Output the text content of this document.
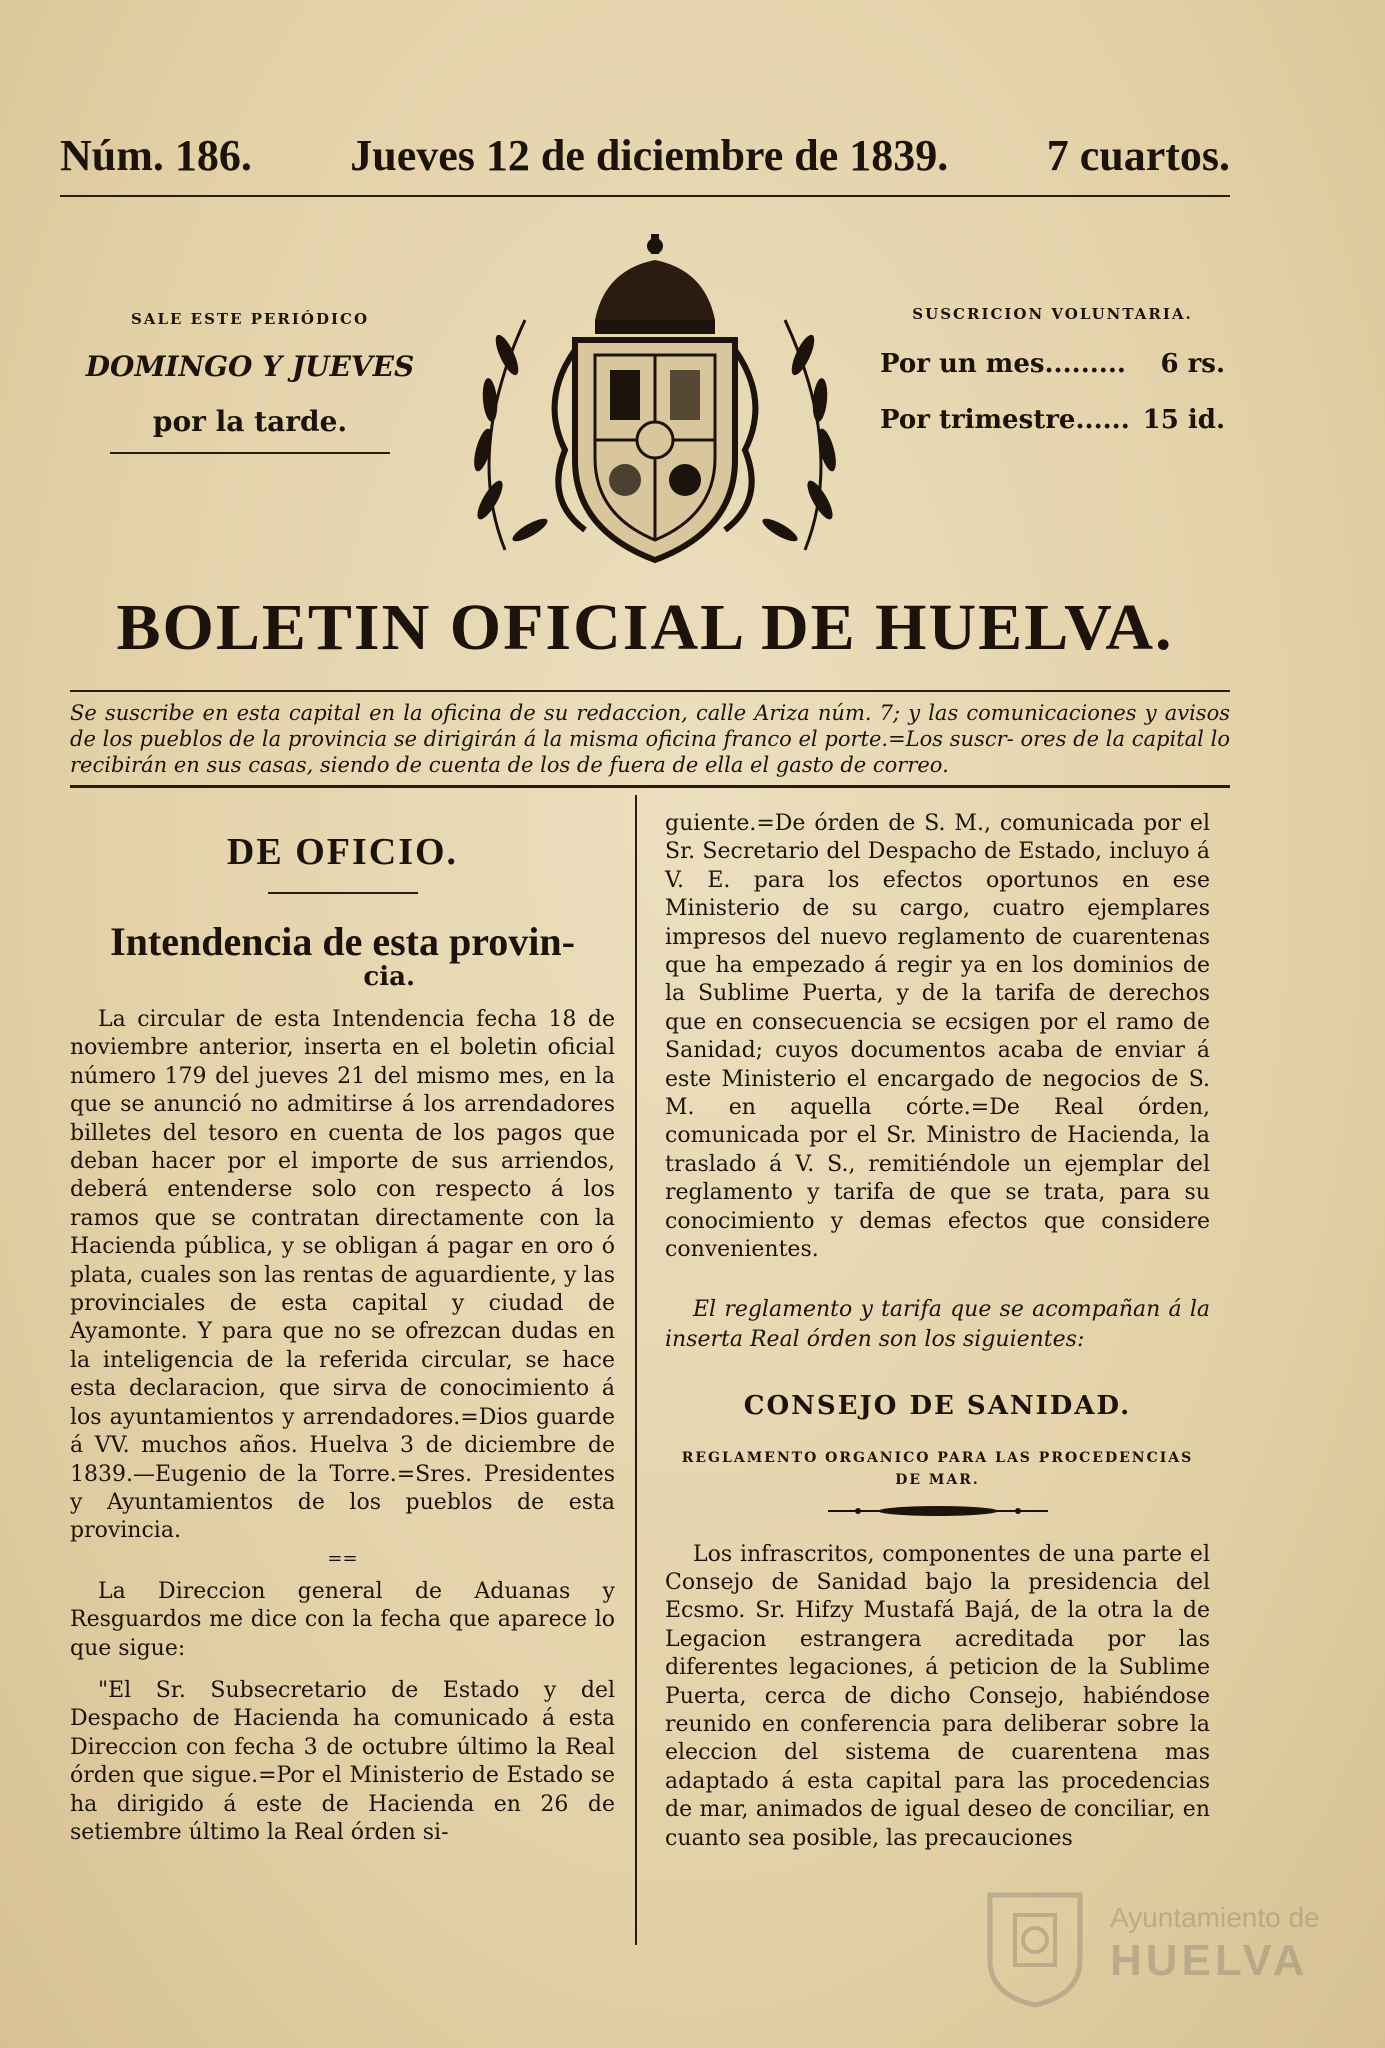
Núm. 186. Jueves 12 de diciembre de 1839. 7 cuartos.
SALE ESTE PERIÓDICO
DOMINGO Y JUEVES
por la tarde.
SUSCRICION VOLUNTARIA.
Por un mes......... 6 rs.
Por trimestre...... 15 id.
BOLETIN OFICIAL DE HUELVA.
Se suscribe en esta capital en la oficina de su redaccion, calle Ariza núm. 7; y las comunicaciones y avisos de los pueblos de la provincia se dirigirán á la misma oficina franco el porte.=Los suscr- ores de la capital lo recibirán en sus casas, siendo de cuenta de los de fuera de ella el gasto de correo.
DE OFICIO.
Intendencia de esta provin-
cia.

La circular de esta Intendencia fecha 18 de noviembre anterior, inserta en el boletin oficial número 179 del jueves 21 del mismo mes, en la que se anunció no admitirse á los arrendadores billetes del tesoro en cuenta de los pagos que deban hacer por el importe de sus arriendos, deberá entenderse solo con respecto á los ramos que se contratan directamente con la Hacienda pública, y se obligan á pagar en oro ó plata, cuales son las rentas de aguardiente, y las provinciales de esta capital y ciudad de Ayamonte. Y para que no se ofrezcan dudas en la inteligencia de la referida circular, se hace esta declaracion, que sirva de conocimiento á los ayuntamientos y arrendadores.=Dios guarde á VV. muchos años. Huelva 3 de diciembre de 1839.—Eugenio de la Torre.=Sres. Presidentes y Ayuntamientos de los pueblos de esta provincia.

==

La Direccion general de Aduanas y Resguardos me dice con la fecha que aparece lo que sigue:

"El Sr. Subsecretario de Estado y del Despacho de Hacienda ha comunicado á esta Direccion con fecha 3 de octubre último la Real órden que sigue.=Por el Ministerio de Estado se ha dirigido á este de Hacienda en 26 de setiembre último la Real órden si-

guiente.=De órden de S. M., comunicada por el Sr. Secretario del Despacho de Estado, incluyo á V. E. para los efectos oportunos en ese Ministerio de su cargo, cuatro ejemplares impresos del nuevo reglamento de cuarentenas que ha empezado á regir ya en los dominios de la Sublime Puerta, y de la tarifa de derechos que en consecuencia se ecsigen por el ramo de Sanidad; cuyos documentos acaba de enviar á este Ministerio el encargado de negocios de S. M. en aquella córte.=De Real órden, comunicada por el Sr. Ministro de Hacienda, la traslado á V. S., remitiéndole un ejemplar del reglamento y tarifa de que se trata, para su conocimiento y demas efectos que considere convenientes.

El reglamento y tarifa que se acompañan á la inserta Real órden son los siguientes:
CONSEJO DE SANIDAD.
REGLAMENTO ORGANICO PARA LAS PROCEDENCIAS
DE MAR.

Los infrascritos, componentes de una parte el Consejo de Sanidad bajo la presidencia del Ecsmo. Sr. Hifzy Mustafá Bajá, de la otra la de Legacion estrangera acreditada por las diferentes legaciones, á peticion de la Sublime Puerta, cerca de dicho Consejo, habiéndose reunido en conferencia para deliberar sobre la eleccion del sistema de cuarentena mas adaptado á esta capital para las procedencias de mar, animados de igual deseo de conciliar, en cuanto sea posible, las precauciones

Ayuntamiento de
HUELVA
